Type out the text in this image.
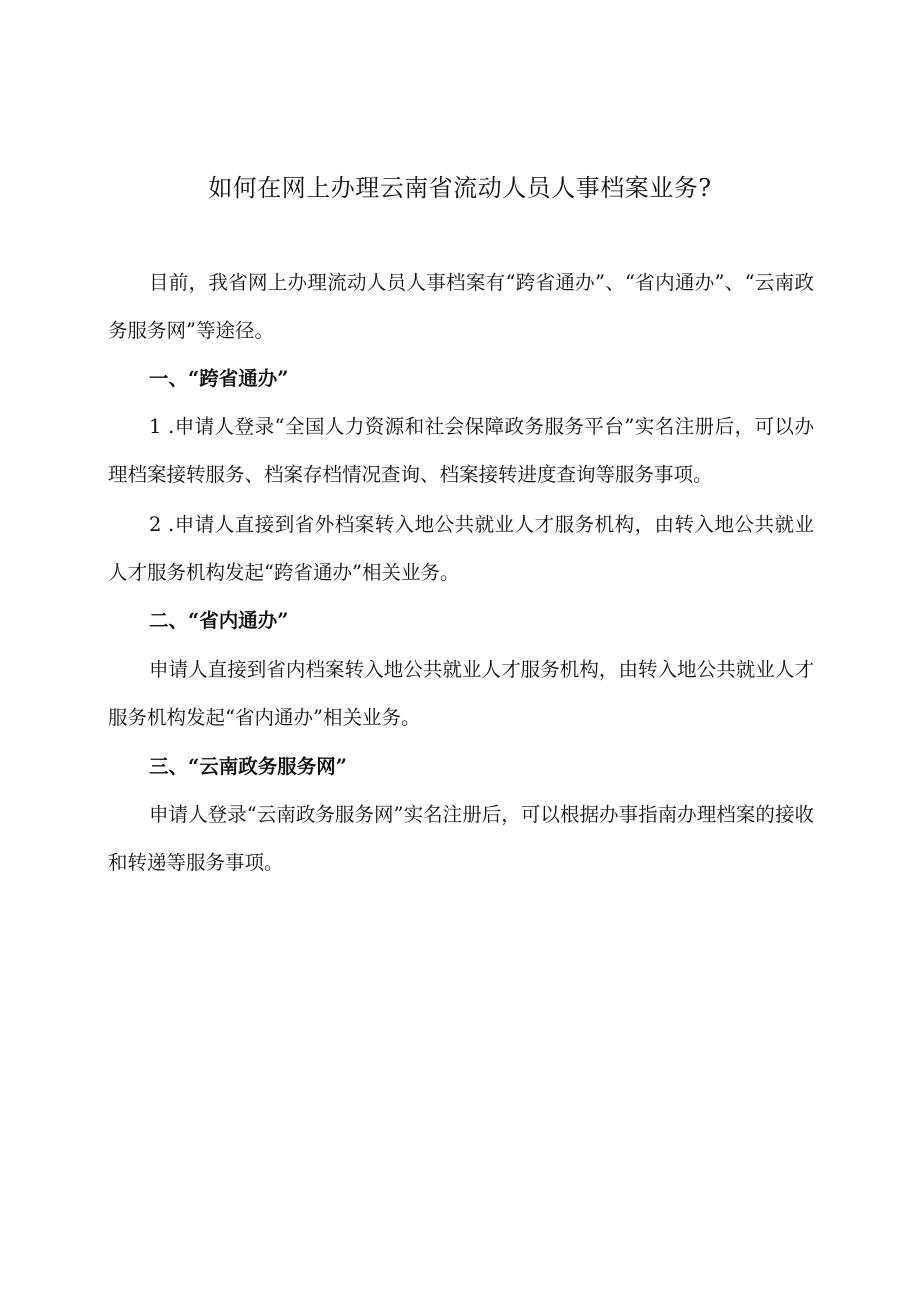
如何在网上办理云南省流动人员人事档案业务?

目前，我省网上办理流动人员人事档案有“跨省通办”、“省内通办”、“云南政务服务网”等途径。

一、“跨省通办”

1 .申请人登录“全国人力资源和社会保障政务服务平台”实名注册后，可以办理档案接转服务、档案存档情况查询、档案接转进度查询等服务事项。

2 .申请人直接到省外档案转入地公共就业人才服务机构，由转入地公共就业人才服务机构发起“跨省通办”相关业务。

二、“省内通办”

申请人直接到省内档案转入地公共就业人才服务机构，由转入地公共就业人才服务机构发起“省内通办”相关业务。

三、“云南政务服务网”

申请人登录“云南政务服务网”实名注册后，可以根据办事指南办理档案的接收和转递等服务事项。
